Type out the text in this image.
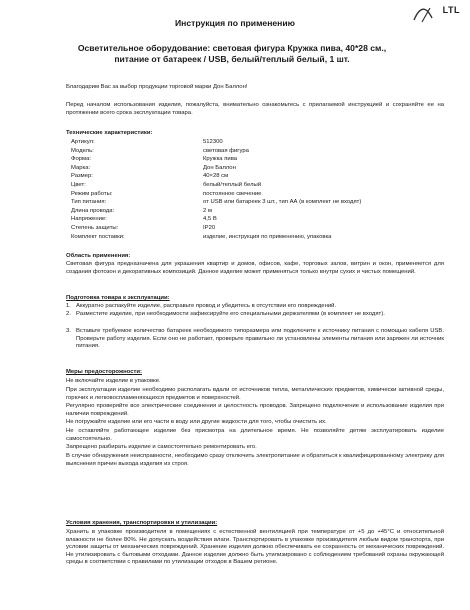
LTL
Инструкция по применению
Осветительное оборудование: световая фигура Кружка пива, 40*28 см., питание от батареек / USB, белый/теплый белый, 1 шт.
Благодарим Вас за выбор продукции торговой марки Дон Баллон!
Перед началом использования изделия, пожалуйста, внимательно ознакомьтесь с прилагаемой инструкцией и сохраняйте ее на протяжении всего срока эксплуатации товара.
Технические характеристики:
Артикул:	512300
Модель:	световая фигура
Форма:	Кружка пива
Марка:	Дон Баллон
Размер:	40×28 см
Цвет:	белый/теплый белый
Режим работы:	постоянное свечение
Тип питания:	от USB или батареек 3 шт., тип АА (в комплект не входят)
Длина провода:	2 м
Напряжение:	4,5 В
Степень защиты:	IP20
Комплект поставки:	изделие, инструкция по применению, упаковка
Область применения:
Световая фигура предназначена для украшения квартир и домов, офисов, кафе, торговых залов, витрин и окон, применяется для создания фотозон и декоративных композиций. Данное изделие может применяться только внутри сухих и чистых помещений.
Подготовка товара к эксплуатации:
1. Аккуратно распакуйте изделие, расправьте провод и убедитесь в отсутствии его повреждений.
2. Разместите изделие, при необходимости зафиксируйте его специальными держателями (в комплект не входят).
3. Вставьте требуемое количество батареек необходимого типоразмера или подключите к источнику питания с помощью кабеля USB. Проверьте работу изделия. Если оно не работает, проверьте правильно ли установлены элементы питания или заряжен ли источник питания.
Меры предосторожности:
Не включайте изделие в упаковке.
При эксплуатации изделие необходимо располагать вдали от источников тепла, металлических предметов, химически активной среды, горючих и легковоспламеняющихся предметов и поверхностей.
Регулярно проверяйте все электрические соединения и целостность проводов. Запрещено подключение и использование изделия при наличии повреждений.
Не погружайте изделие или его части в воду или другие жидкости для того, чтобы очистить их.
Не оставляйте работающее изделие без присмотра на длительное время. Не позволяйте детям эксплуатировать изделие самостоятельно.
Запрещено разбирать изделие и самостоятельно ремонтировать его.
В случае обнаружения неисправности, необходимо сразу отключить электропитание и обратиться к квалифицированному электрику для выяснения причин выхода изделия из строя.
Условия хранения, транспортировки и утилизации:
Хранить в упаковке производителя в помещениях с естественной вентиляцией при температуре от +5 до +45°С и относительной влажности не более 80%. Не допускать воздействия влаги. Транспортировать в упаковке производителя любым видом транспорта, при условии защиты от механических повреждений. Хранение изделия должно обеспечивать ее сохранность от механических повреждений. Не утилизировать с бытовыми отходами. Данное изделие должно быть утилизировано с соблюдением требований охраны окружающей среды в соответствии с правилами по утилизации отходов в Вашем регионе.
